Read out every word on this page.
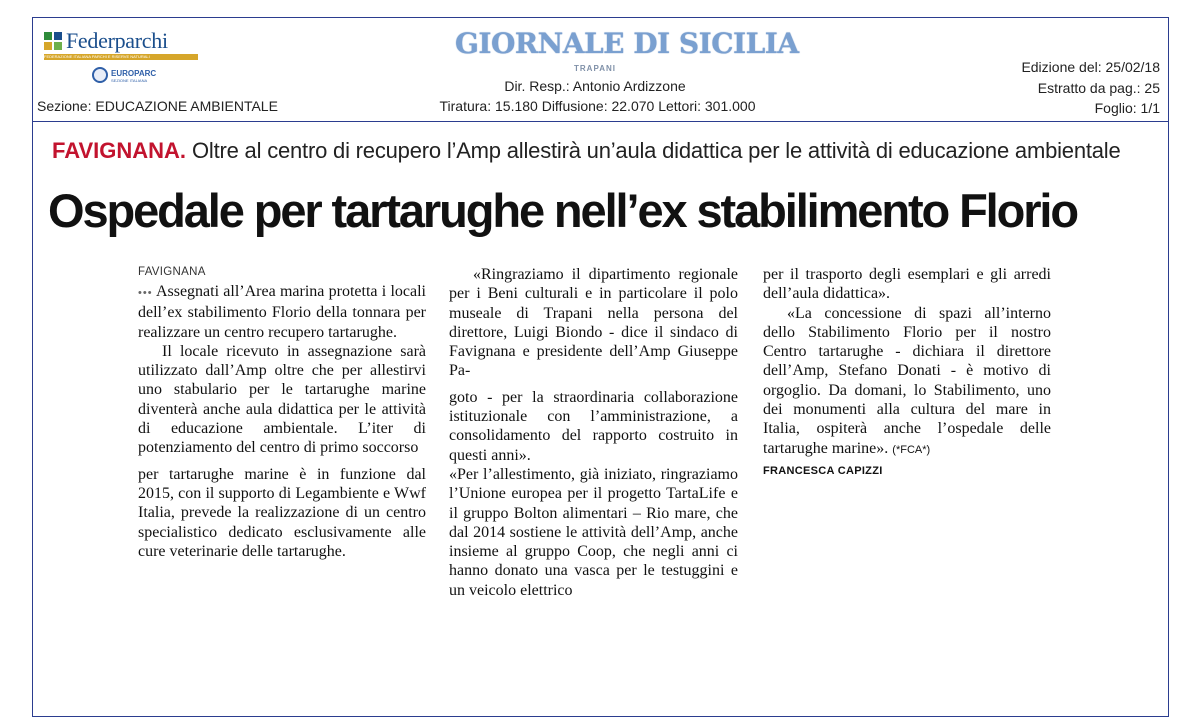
Federparchi
FEDERAZIONE ITALIANA PARCHI E RISERVE NATURALI
EUROPARC
SEZIONE ITALIANA
Sezione: EDUCAZIONE AMBIENTALE
GIORNALE DI SICILIA
TRAPANI
Dir. Resp.: Antonio Ardizzone
Tiratura: 15.180 Diffusione: 22.070 Lettori: 301.000
Edizione del: 25/02/18
Estratto da pag.: 25
Foglio: 1/1
FAVIGNANA. Oltre al centro di recupero l’Amp allestirà un’aula didattica per le attività di educazione ambientale
Ospedale per tartarughe nell’ex stabilimento Florio
FAVIGNANA

••• Assegnati all’Area marina protetta i locali dell’ex stabilimento Florio della tonnara per realizzare un centro recupero tartarughe.

Il locale ricevuto in assegnazione sarà utilizzato dall’Amp oltre che per allestirvi uno stabulario per le tartarughe marine diventerà anche aula didattica per le attività di educazione ambientale. L’iter di potenziamento del centro di primo soccorso

per tartarughe marine è in funzione dal 2015, con il supporto di Legambiente e Wwf Italia, prevede la realizzazione di un centro specialistico dedicato esclusivamente alle cure veterinarie delle tartarughe.

«Ringraziamo il dipartimento regionale per i Beni culturali e in particolare il polo museale di Trapani nella persona del direttore, Luigi Biondo - dice il sindaco di Favignana e presidente dell’Amp Giuseppe Pa-

goto - per la straordinaria collaborazione istituzionale con l’amministrazione, a consolidamento del rapporto costruito in questi anni».

«Per l’allestimento, già iniziato, ringraziamo l’Unione europea per il progetto TartaLife e il gruppo Bolton alimentari – Rio mare, che dal 2014 sostiene le attività dell’Amp, anche insieme al gruppo Coop, che negli anni ci hanno donato una vasca per le testuggini e un veicolo elettrico

per il trasporto degli esemplari e gli arredi dell’aula didattica».

«La concessione di spazi all’interno dello Stabilimento Florio per il nostro Centro tartarughe - dichiara il direttore dell’Amp, Stefano Donati - è motivo di orgoglio. Da domani, lo Stabilimento, uno dei monumenti alla cultura del mare in Italia, ospiterà anche l’ospedale delle tartarughe marine». (*FCA*)

FRANCESCA CAPIZZI
